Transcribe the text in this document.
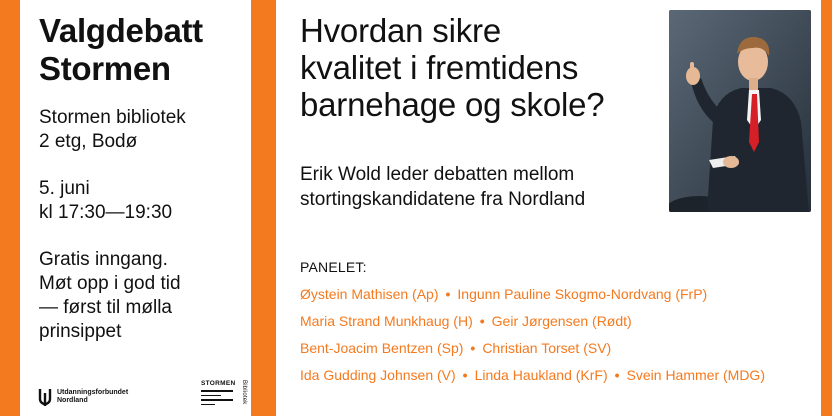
Valgdebatt
Stormen

Stormen bibliotek
2 etg, Bodø

5. juni
kl 17:30—19:30

Gratis inngang.
Møt opp i god tid
— først til mølla
prinsippet

Utdanningsforbundet
Nordland
STORMEN Bibliotek
Hvordan sikre
kvalitet i fremtidens
barnehage og skole?

Erik Wold leder debatten mellom
stortingskandidatene fra Nordland

PANELET:

Øystein Mathisen (Ap) • Ingunn Pauline Skogmo-Nordvang (FrP)
Maria Strand Munkhaug (H) • Geir Jørgensen (Rødt)
Bent-Joacim Bentzen (Sp) • Christian Torset (SV)
Ida Gudding Johnsen (V) • Linda Haukland (KrF) • Svein Hammer (MDG)
